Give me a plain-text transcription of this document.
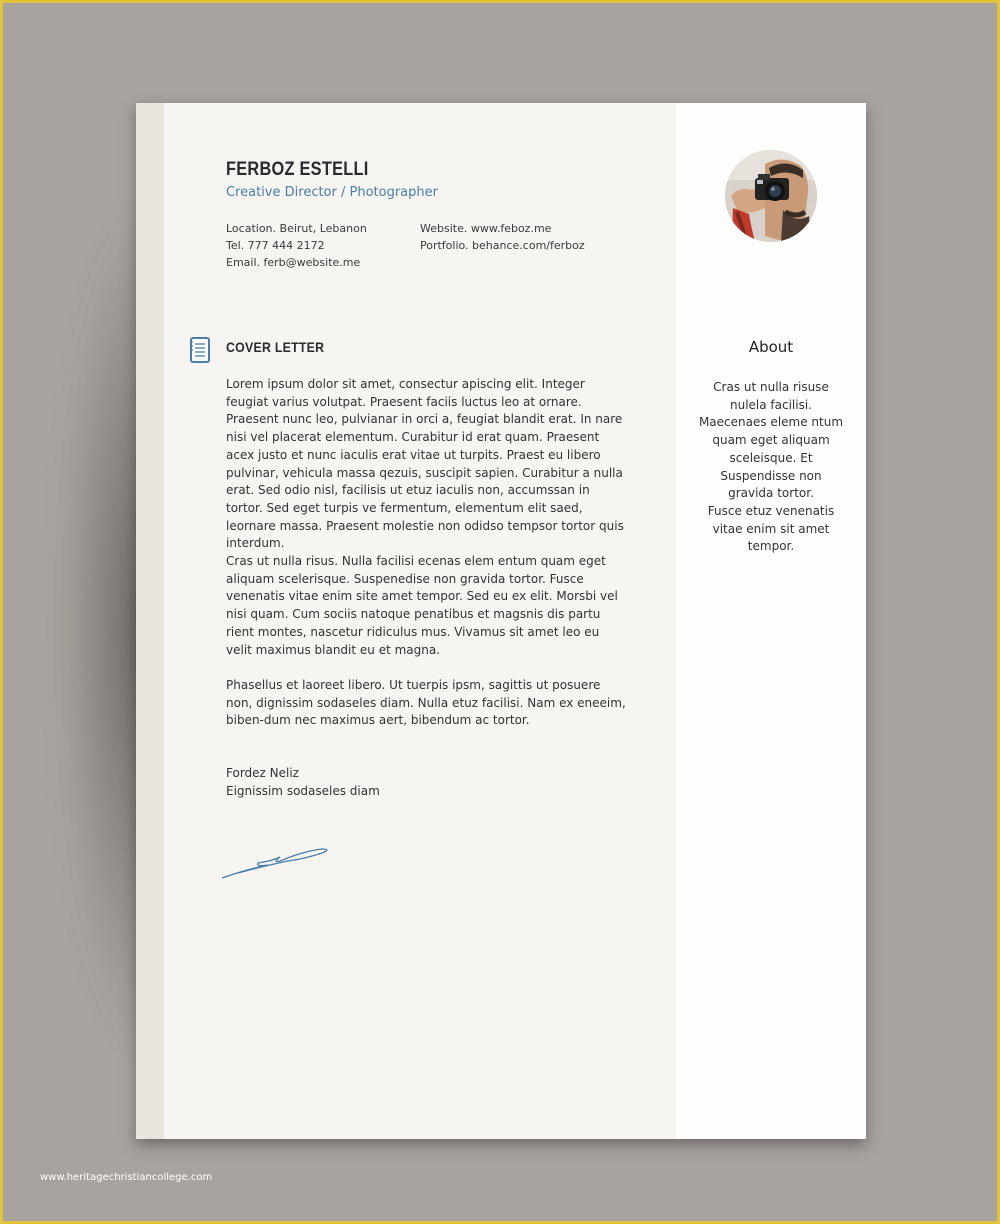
FERBOZ ESTELLI
Creative Director / Photographer
Location. Beirut, Lebanon
Tel. 777 444 2172
Email. ferb@website.me
Website. www.feboz.me
Portfolio. behance.com/ferboz
COVER LETTER
Lorem ipsum dolor sit amet, consectur apiscing elit. Integer feugiat varius volutpat. Praesent faciis luctus leo at ornare. Praesent nunc leo, pulvianar in orci a, feugiat blandit erat. In nare nisi vel placerat elementum. Curabitur id erat quam. Praesent acex justo et nunc iaculis erat vitae ut turpits. Praest eu libero pulvinar, vehicula massa qezuis, suscipit sapien. Curabitur a nulla erat. Sed odio nisl, facilisis ut etuz iaculis non, accumssan in tortor. Sed eget turpis ve fermentum, elementum elit saed, leornare massa. Praesent molestie non odidso tempsor tortor quis interdum.
Cras ut nulla risus. Nulla facilisi ecenas elem entum quam eget aliquam scelerisque. Suspenedise non gravida tortor. Fusce venenatis vitae enim site amet tempor. Sed eu ex elit. Morsbi vel nisi quam. Cum sociis natoque penatibus et magsnis dis partu rient montes, nascetur ridiculus mus. Vivamus sit amet leo eu velit maximus blandit eu et magna.
Phasellus et laoreet libero. Ut tuerpis ipsm, sagittis ut posuere non, dignissim sodaseles diam. Nulla etuz facilisi. Nam ex eneeim, biben-dum nec maximus aert, bibendum ac tortor.
Fordez Neliz
Eignissim sodaseles diam
About
Cras ut nulla risuse nulela facilisi. Maecenaes eleme ntum quam eget aliquam sceleisque. Et Suspendisse non gravida tortor.
Fusce etuz venenatis vitae enim sit amet tempor.
www.heritagechristiancollege.com
